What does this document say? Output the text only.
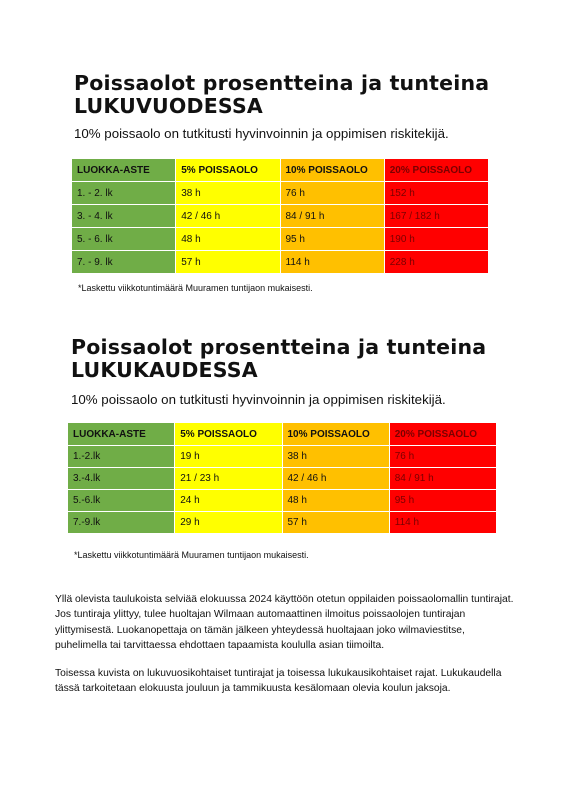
Poissaolot prosentteina ja tunteina
LUKUVUODESSA
10% poissaolo on tutkitusti hyvinvoinnin ja oppimisen riskitekijä.
LUOKKA-ASTE	5% POISSAOLO	10% POISSAOLO	20% POISSAOLO
1. - 2. lk	38 h	76 h	152 h
3. - 4. lk	42 / 46 h	84 / 91 h	167 / 182 h
5. - 6. lk	48 h	95 h	190 h
7. - 9. lk	57 h	114 h	228 h
*Laskettu viikkotuntimäärä Muuramen tuntijaon mukaisesti.
Poissaolot prosentteina ja tunteina
LUKUKAUDESSA
10% poissaolo on tutkitusti hyvinvoinnin ja oppimisen riskitekijä.
LUOKKA-ASTE	5% POISSAOLO	10% POISSAOLO	20% POISSAOLO
1.-2.lk	19 h	38 h	76 h
3.-4.lk	21 / 23 h	42 / 46 h	84 / 91 h
5.-6.lk	24 h	48 h	95 h
7.-9.lk	29 h	57 h	114 h
*Laskettu viikkotuntimäärä Muuramen tuntijaon mukaisesti.

Yllä olevista taulukoista selviää elokuussa 2024 käyttöön otetun oppilaiden poissaolomallin tuntirajat. Jos tuntiraja ylittyy, tulee huoltajan Wilmaan automaattinen ilmoitus poissaolojen tuntirajan ylittymisestä. Luokanopettaja on tämän jälkeen yhteydessä huoltajaan joko wilmaviestitse, puhelimella tai tarvittaessa ehdottaen tapaamista koululla asian tiimoilta.

Toisessa kuvista on lukuvuosikohtaiset tuntirajat ja toisessa lukukausikohtaiset rajat. Lukukaudella tässä tarkoitetaan elokuusta jouluun ja tammikuusta kesälomaan olevia koulun jaksoja.
